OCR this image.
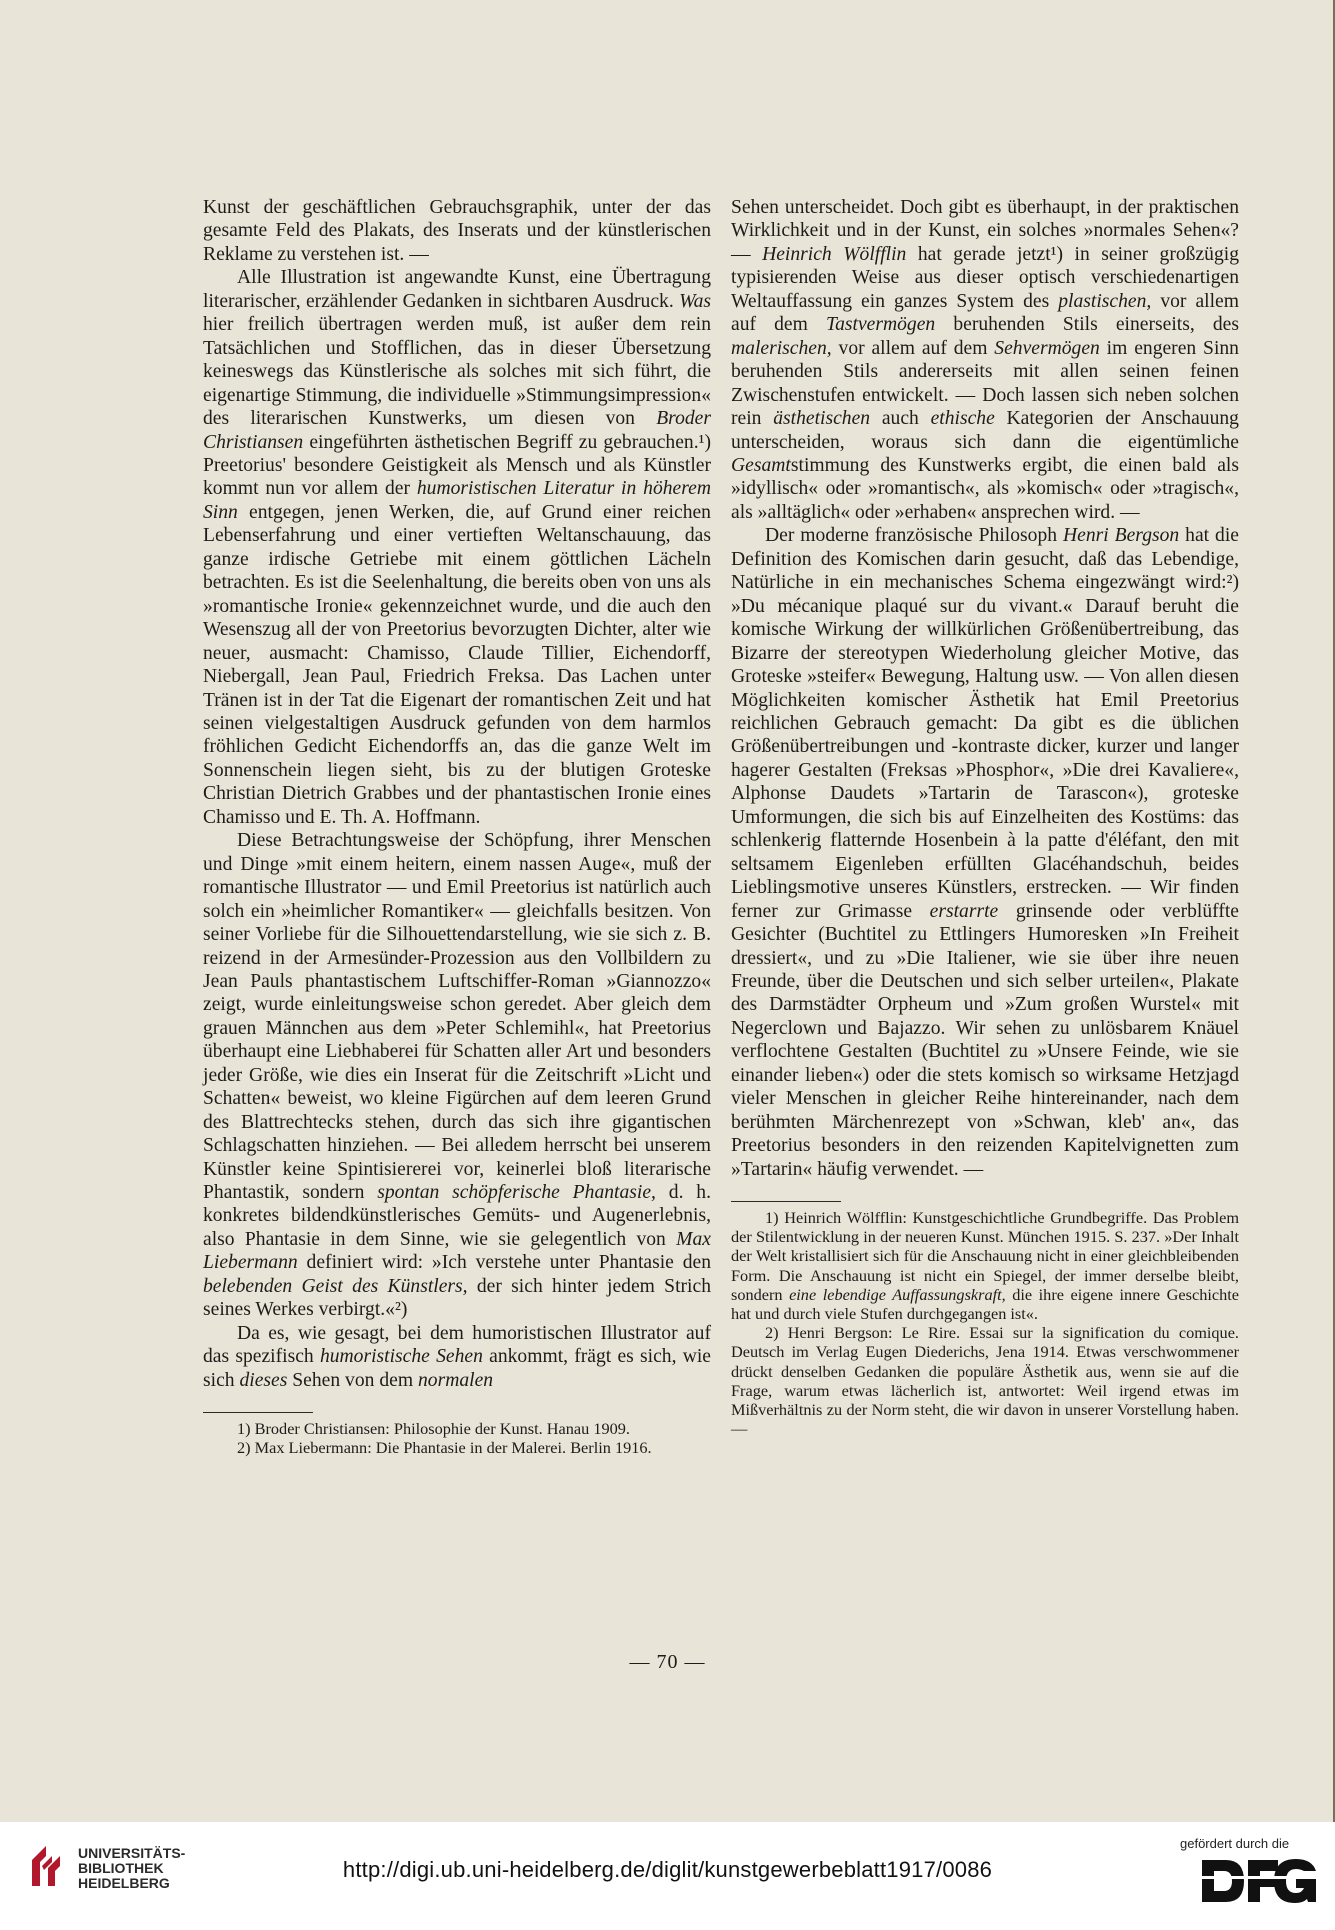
Kunst der geschäftlichen Gebrauchsgraphik, unter der das gesamte Feld des Plakats, des Inserats und der künstlerischen Reklame zu verstehen ist. —

Alle Illustration ist angewandte Kunst, eine Übertragung literarischer, erzählender Gedanken in sichtbaren Ausdruck. Was hier freilich übertragen werden muß, ist außer dem rein Tatsächlichen und Stofflichen, das in dieser Übersetzung keineswegs das Künstlerische als solches mit sich führt, die eigenartige Stimmung, die individuelle »Stimmungsimpression« des literarischen Kunstwerks, um diesen von Broder Christiansen eingeführten ästhetischen Begriff zu gebrauchen.¹) Preetorius' besondere Geistigkeit als Mensch und als Künstler kommt nun vor allem der humoristischen Literatur in höherem Sinn entgegen, jenen Werken, die, auf Grund einer reichen Lebenserfahrung und einer vertieften Weltanschauung, das ganze irdische Getriebe mit einem göttlichen Lächeln betrachten. Es ist die Seelenhaltung, die bereits oben von uns als »romantische Ironie« gekennzeichnet wurde, und die auch den Wesenszug all der von Preetorius bevorzugten Dichter, alter wie neuer, ausmacht: Chamisso, Claude Tillier, Eichendorff, Niebergall, Jean Paul, Friedrich Freksa. Das Lachen unter Tränen ist in der Tat die Eigenart der romantischen Zeit und hat seinen vielgestaltigen Ausdruck gefunden von dem harmlos fröhlichen Gedicht Eichendorffs an, das die ganze Welt im Sonnenschein liegen sieht, bis zu der blutigen Groteske Christian Dietrich Grabbes und der phantastischen Ironie eines Chamisso und E. Th. A. Hoffmann.

Diese Betrachtungsweise der Schöpfung, ihrer Menschen und Dinge »mit einem heitern, einem nassen Auge«, muß der romantische Illustrator — und Emil Preetorius ist natürlich auch solch ein »heimlicher Romantiker« — gleichfalls besitzen. Von seiner Vorliebe für die Silhouettendarstellung, wie sie sich z. B. reizend in der Armesünder-Prozession aus den Vollbildern zu Jean Pauls phantastischem Luftschiffer-Roman »Giannozzo« zeigt, wurde einleitungsweise schon geredet. Aber gleich dem grauen Männchen aus dem »Peter Schlemihl«, hat Preetorius überhaupt eine Liebhaberei für Schatten aller Art und besonders jeder Größe, wie dies ein Inserat für die Zeitschrift »Licht und Schatten« beweist, wo kleine Figürchen auf dem leeren Grund des Blattrechtecks stehen, durch das sich ihre gigantischen Schlagschatten hinziehen. — Bei alledem herrscht bei unserem Künstler keine Spintisiererei vor, keinerlei bloß literarische Phantastik, sondern spontan schöpferische Phantasie, d. h. konkretes bildendkünstlerisches Gemüts- und Augenerlebnis, also Phantasie in dem Sinne, wie sie gelegentlich von Max Liebermann definiert wird: »Ich verstehe unter Phantasie den belebenden Geist des Künstlers, der sich hinter jedem Strich seines Werkes verbirgt.«²)

Da es, wie gesagt, bei dem humoristischen Illustrator auf das spezifisch humoristische Sehen ankommt, frägt es sich, wie sich dieses Sehen von dem normalen

1) Broder Christiansen: Philosophie der Kunst. Hanau 1909.

2) Max Liebermann: Die Phantasie in der Malerei. Berlin 1916.

Sehen unterscheidet. Doch gibt es überhaupt, in der praktischen Wirklichkeit und in der Kunst, ein solches »normales Sehen«? — Heinrich Wölfflin hat gerade jetzt¹) in seiner großzügig typisierenden Weise aus dieser optisch verschiedenartigen Weltauffassung ein ganzes System des plastischen, vor allem auf dem Tastvermögen beruhenden Stils einerseits, des malerischen, vor allem auf dem Sehvermögen im engeren Sinn beruhenden Stils andererseits mit allen seinen feinen Zwischenstufen entwickelt. — Doch lassen sich neben solchen rein ästhetischen auch ethische Kategorien der Anschauung unterscheiden, woraus sich dann die eigentümliche Gesamtstimmung des Kunstwerks ergibt, die einen bald als »idyllisch« oder »romantisch«, als »komisch« oder »tragisch«, als »alltäglich« oder »erhaben« ansprechen wird. —

Der moderne französische Philosoph Henri Bergson hat die Definition des Komischen darin gesucht, daß das Lebendige, Natürliche in ein mechanisches Schema eingezwängt wird:²) »Du mécanique plaqué sur du vivant.« Darauf beruht die komische Wirkung der willkürlichen Größenübertreibung, das Bizarre der stereotypen Wiederholung gleicher Motive, das Groteske »steifer« Bewegung, Haltung usw. — Von allen diesen Möglichkeiten komischer Ästhetik hat Emil Preetorius reichlichen Gebrauch gemacht: Da gibt es die üblichen Größenübertreibungen und -kontraste dicker, kurzer und langer hagerer Gestalten (Freksas »Phosphor«, »Die drei Kavaliere«, Alphonse Daudets »Tartarin de Tarascon«), groteske Umformungen, die sich bis auf Einzelheiten des Kostüms: das schlenkerig flatternde Hosenbein à la patte d'éléfant, den mit seltsamem Eigenleben erfüllten Glacéhandschuh, beides Lieblingsmotive unseres Künstlers, erstrecken. — Wir finden ferner zur Grimasse erstarrte grinsende oder verblüffte Gesichter (Buchtitel zu Ettlingers Humoresken »In Freiheit dressiert«, und zu »Die Italiener, wie sie über ihre neuen Freunde, über die Deutschen und sich selber urteilen«, Plakate des Darmstädter Orpheum und »Zum großen Wurstel« mit Negerclown und Bajazzo. Wir sehen zu unlösbarem Knäuel verflochtene Gestalten (Buchtitel zu »Unsere Feinde, wie sie einander lieben«) oder die stets komisch so wirksame Hetzjagd vieler Menschen in gleicher Reihe hintereinander, nach dem berühmten Märchenrezept von »Schwan, kleb' an«, das Preetorius besonders in den reizenden Kapitelvignetten zum »Tartarin« häufig verwendet. —

1) Heinrich Wölfflin: Kunstgeschichtliche Grundbegriffe. Das Problem der Stilentwicklung in der neueren Kunst. München 1915. S. 237. »Der Inhalt der Welt kristallisiert sich für die Anschauung nicht in einer gleichbleibenden Form. Die Anschauung ist nicht ein Spiegel, der immer derselbe bleibt, sondern eine lebendige Auffassungskraft, die ihre eigene innere Geschichte hat und durch viele Stufen durchgegangen ist«.

2) Henri Bergson: Le Rire. Essai sur la signification du comique. Deutsch im Verlag Eugen Diederichs, Jena 1914. Etwas verschwommener drückt denselben Gedanken die populäre Ästhetik aus, wenn sie auf die Frage, warum etwas lächerlich ist, antwortet: Weil irgend etwas im Mißverhältnis zu der Norm steht, die wir davon in unserer Vorstellung haben. —

— 70 —
UNIVERSITÄTS-
BIBLIOTHEK
HEIDELBERG
http://digi.ub.uni-heidelberg.de/diglit/kunstgewerbeblatt1917/0086
gefördert durch die
